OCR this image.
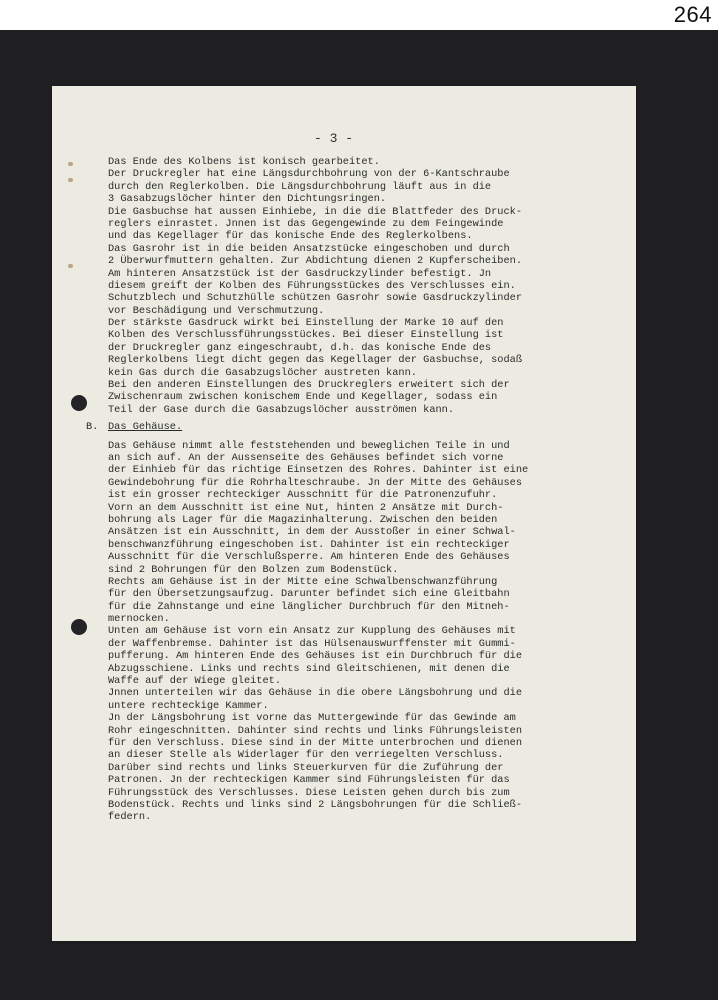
264
- 3 -
Das Ende des Kolbens ist konisch gearbeitet.
Der Druckregler hat eine Längsdurchbohrung von der 6-Kantschraube
durch den Reglerkolben. Die Längsdurchbohrung läuft aus in die
3 Gasabzugslöcher hinter den Dichtungsringen.
Die Gasbuchse hat aussen Einhiebe, in die die Blattfeder des Druck-
reglers einrastet. Jnnen ist das Gegengewinde zu dem Feingewinde
und das Kegellager für das konische Ende des Reglerkolbens.
Das Gasrohr ist in die beiden Ansatzstücke eingeschoben und durch
2 Überwurfmuttern gehalten. Zur Abdichtung dienen 2 Kupferscheiben.
Am hinteren Ansatzstück ist der Gasdruckzylinder befestigt. Jn
diesem greift der Kolben des Führungsstückes des Verschlusses ein.
Schutzblech und Schutzhülle schützen Gasrohr sowie Gasdruckzylinder
vor Beschädigung und Verschmutzung.
Der stärkste Gasdruck wirkt bei Einstellung der Marke 10 auf den
Kolben des Verschlussführungsstückes. Bei dieser Einstellung ist
der Druckregler ganz eingeschraubt, d.h. das konische Ende des
Reglerkolbens liegt dicht gegen das Kegellager der Gasbuchse, sodaß
kein Gas durch die Gasabzugslöcher austreten kann.
Bei den anderen Einstellungen des Druckreglers erweitert sich der
Zwischenraum zwischen konischem Ende und Kegellager, sodass ein
Teil der Gase durch die Gasabzugslöcher ausströmen kann.
B. Das Gehäuse.
Das Gehäuse nimmt alle feststehenden und beweglichen Teile in und
an sich auf. An der Aussenseite des Gehäuses befindet sich vorne
der Einhieb für das richtige Einsetzen des Rohres. Dahinter ist eine
Gewindebohrung für die Rohrhalteschraube. Jn der Mitte des Gehäuses
ist ein grosser rechteckiger Ausschnitt für die Patronenzufuhr.
Vorn an dem Ausschnitt ist eine Nut, hinten 2 Ansätze mit Durch-
bohrung als Lager für die Magazinhalterung. Zwischen den beiden
Ansätzen ist ein Ausschnitt, in dem der Ausstoßer in einer Schwal-
benschwanzführung eingeschoben ist. Dahinter ist ein rechteckiger
Ausschnitt für die Verschlußsperre. Am hinteren Ende des Gehäuses
sind 2 Bohrungen für den Bolzen zum Bodenstück.
Rechts am Gehäuse ist in der Mitte eine Schwalbenschwanzführung
für den Übersetzungsaufzug. Darunter befindet sich eine Gleitbahn
für die Zahnstange und eine länglicher Durchbruch für den Mitneh-
mernocken.
Unten am Gehäuse ist vorn ein Ansatz zur Kupplung des Gehäuses mit
der Waffenbremse. Dahinter ist das Hülsenauswurffenster mit Gummi-
pufferung. Am hinteren Ende des Gehäuses ist ein Durchbruch für die
Abzugsschiene. Links und rechts sind Gleitschienen, mit denen die
Waffe auf der Wiege gleitet.
Jnnen unterteilen wir das Gehäuse in die obere Längsbohrung und die
untere rechteckige Kammer.
Jn der Längsbohrung ist vorne das Muttergewinde für das Gewinde am
Rohr eingeschnitten. Dahinter sind rechts und links Führungsleisten
für den Verschluss. Diese sind in der Mitte unterbrochen und dienen
an dieser Stelle als Widerlager für den verriegelten Verschluss.
Darüber sind rechts und links Steuerkurven für die Zuführung der
Patronen. Jn der rechteckigen Kammer sind Führungsleisten für das
Führungsstück des Verschlusses. Diese Leisten gehen durch bis zum
Bodenstück. Rechts und links sind 2 Längsbohrungen für die Schließ-
federn.
